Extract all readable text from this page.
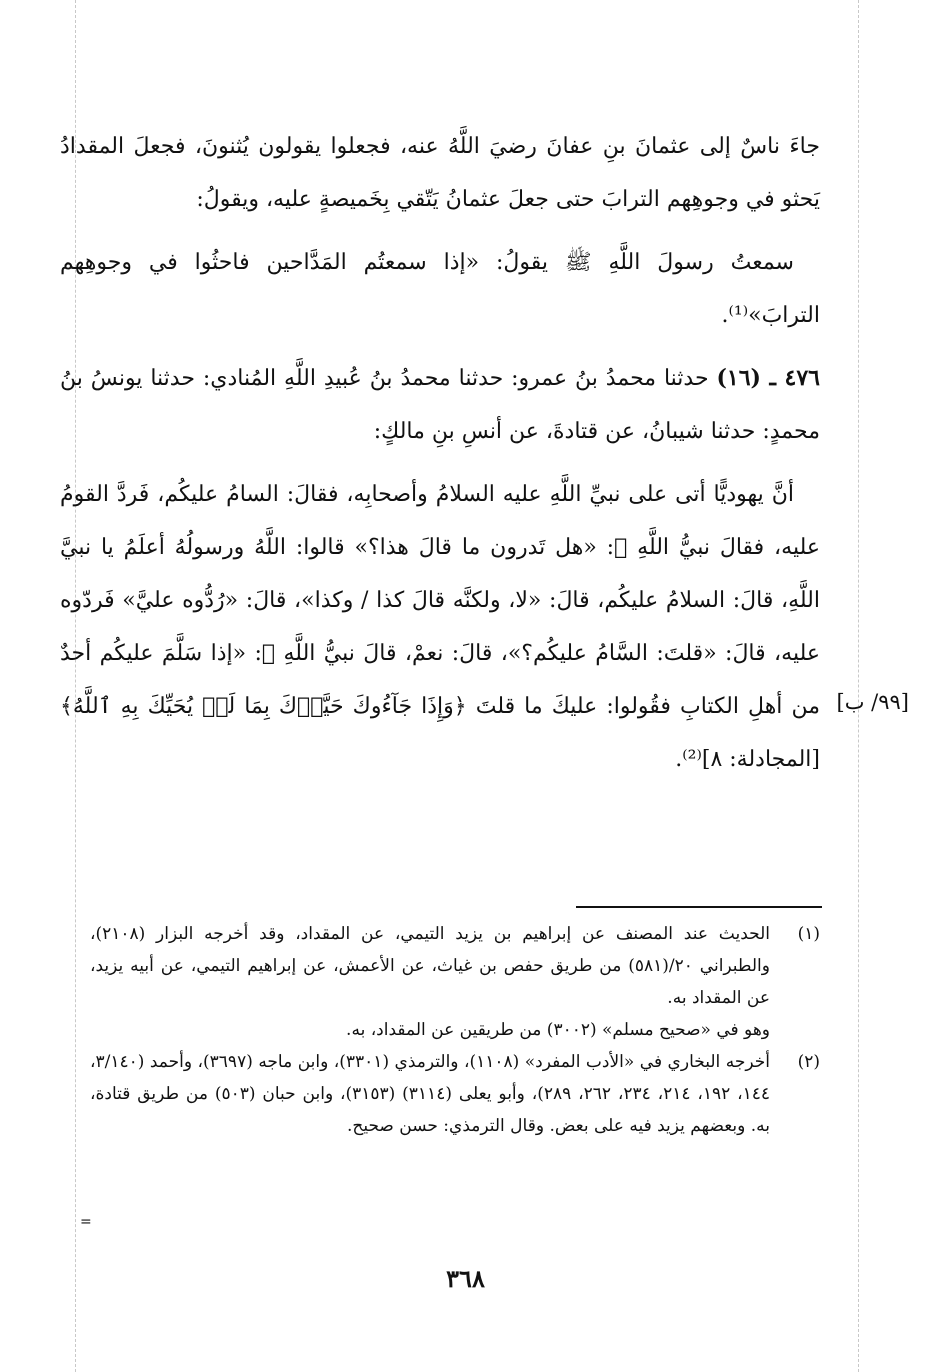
جاءَ ناسٌ إلى عثمانَ بنِ عفانَ رضيَ اللَّهُ عنه، فجعلوا يقولون يُثنونَ، فجعلَ المقدادُ يَحثو في وجوهِهم الترابَ حتى جعلَ عثمانُ يَتّقي بِخَميصةٍ عليه، ويقولُ:

سمعتُ رسولَ اللَّهِ ﷺ يقولُ: «إذا سمعتُم المَدَّاحين فاحثُوا في وجوهِهم الترابَ»⁽¹⁾.

٤٧٦ ـ (١٦) حدثنا محمدُ بنُ عمرو: حدثنا محمدُ بنُ عُبيدِ اللَّهِ المُنادي: حدثنا يونسُ بنُ محمدٍ: حدثنا شيبانُ، عن قتادةَ، عن أنسِ بنِ مالكٍ:

أنَّ يهوديًّا أتى على نبيِّ اللَّهِ عليه السلامُ وأصحابِه، فقالَ: السامُ عليكُم، فَردَّ القومُ عليه، فقالَ نبيُّ اللَّهِ ﷺ: «هل تَدرون ما قالَ هذا؟» قالوا: اللَّهُ ورسولُهُ أعلَمُ يا نبيَّ اللَّهِ، قالَ: السلامُ عليكُم، قالَ: «لا، ولكنَّه قالَ كذا / وكذا»، قالَ: «رُدُّوه عليَّ» فَردّوه عليه، قالَ: «قلتَ: السَّامُ عليكُم؟»، قالَ: نعمْ، قالَ نبيُّ اللَّهِ ﷺ: «إذا سَلَّمَ عليكُم أحدٌ من أهلِ الكتابِ فقُولوا: عليكَ ما قلتَ ﴿وَإِذَا جَآءُوكَ حَيَّوۡكَ بِمَا لَمۡ يُحَيِّكَ بِهِ ٱللَّهُ﴾ [المجادلة: ٨]⁽²⁾.

[٩٩/ ب]
(١)
الحديث عند المصنف عن إبراهيم بن يزيد التيمي، عن المقداد، وقد أخرجه البزار (٢١٠٨)، والطبراني ٢٠/(٥٨١) من طريق حفص بن غياث، عن الأعمش، عن إبراهيم التيمي، عن أبيه يزيد، عن المقداد به.
وهو في «صحيح مسلم» (٣٠٠٢) من طريقين عن المقداد، به.
(٢)
أخرجه البخاري في «الأدب المفرد» (١١٠٨)، والترمذي (٣٣٠١)، وابن ماجه (٣٦٩٧)، وأحمد (٣/١٤٠، ١٤٤، ١٩٢، ٢١٤، ٢٣٤، ٢٦٢، ٢٨٩)، وأبو يعلى (٣١١٤) (٣١٥٣)، وابن حبان (٥٠٣) من طريق قتادة، به. وبعضهم يزيد فيه على بعض. وقال الترمذي: حسن صحيح.
=
٣٦٨
